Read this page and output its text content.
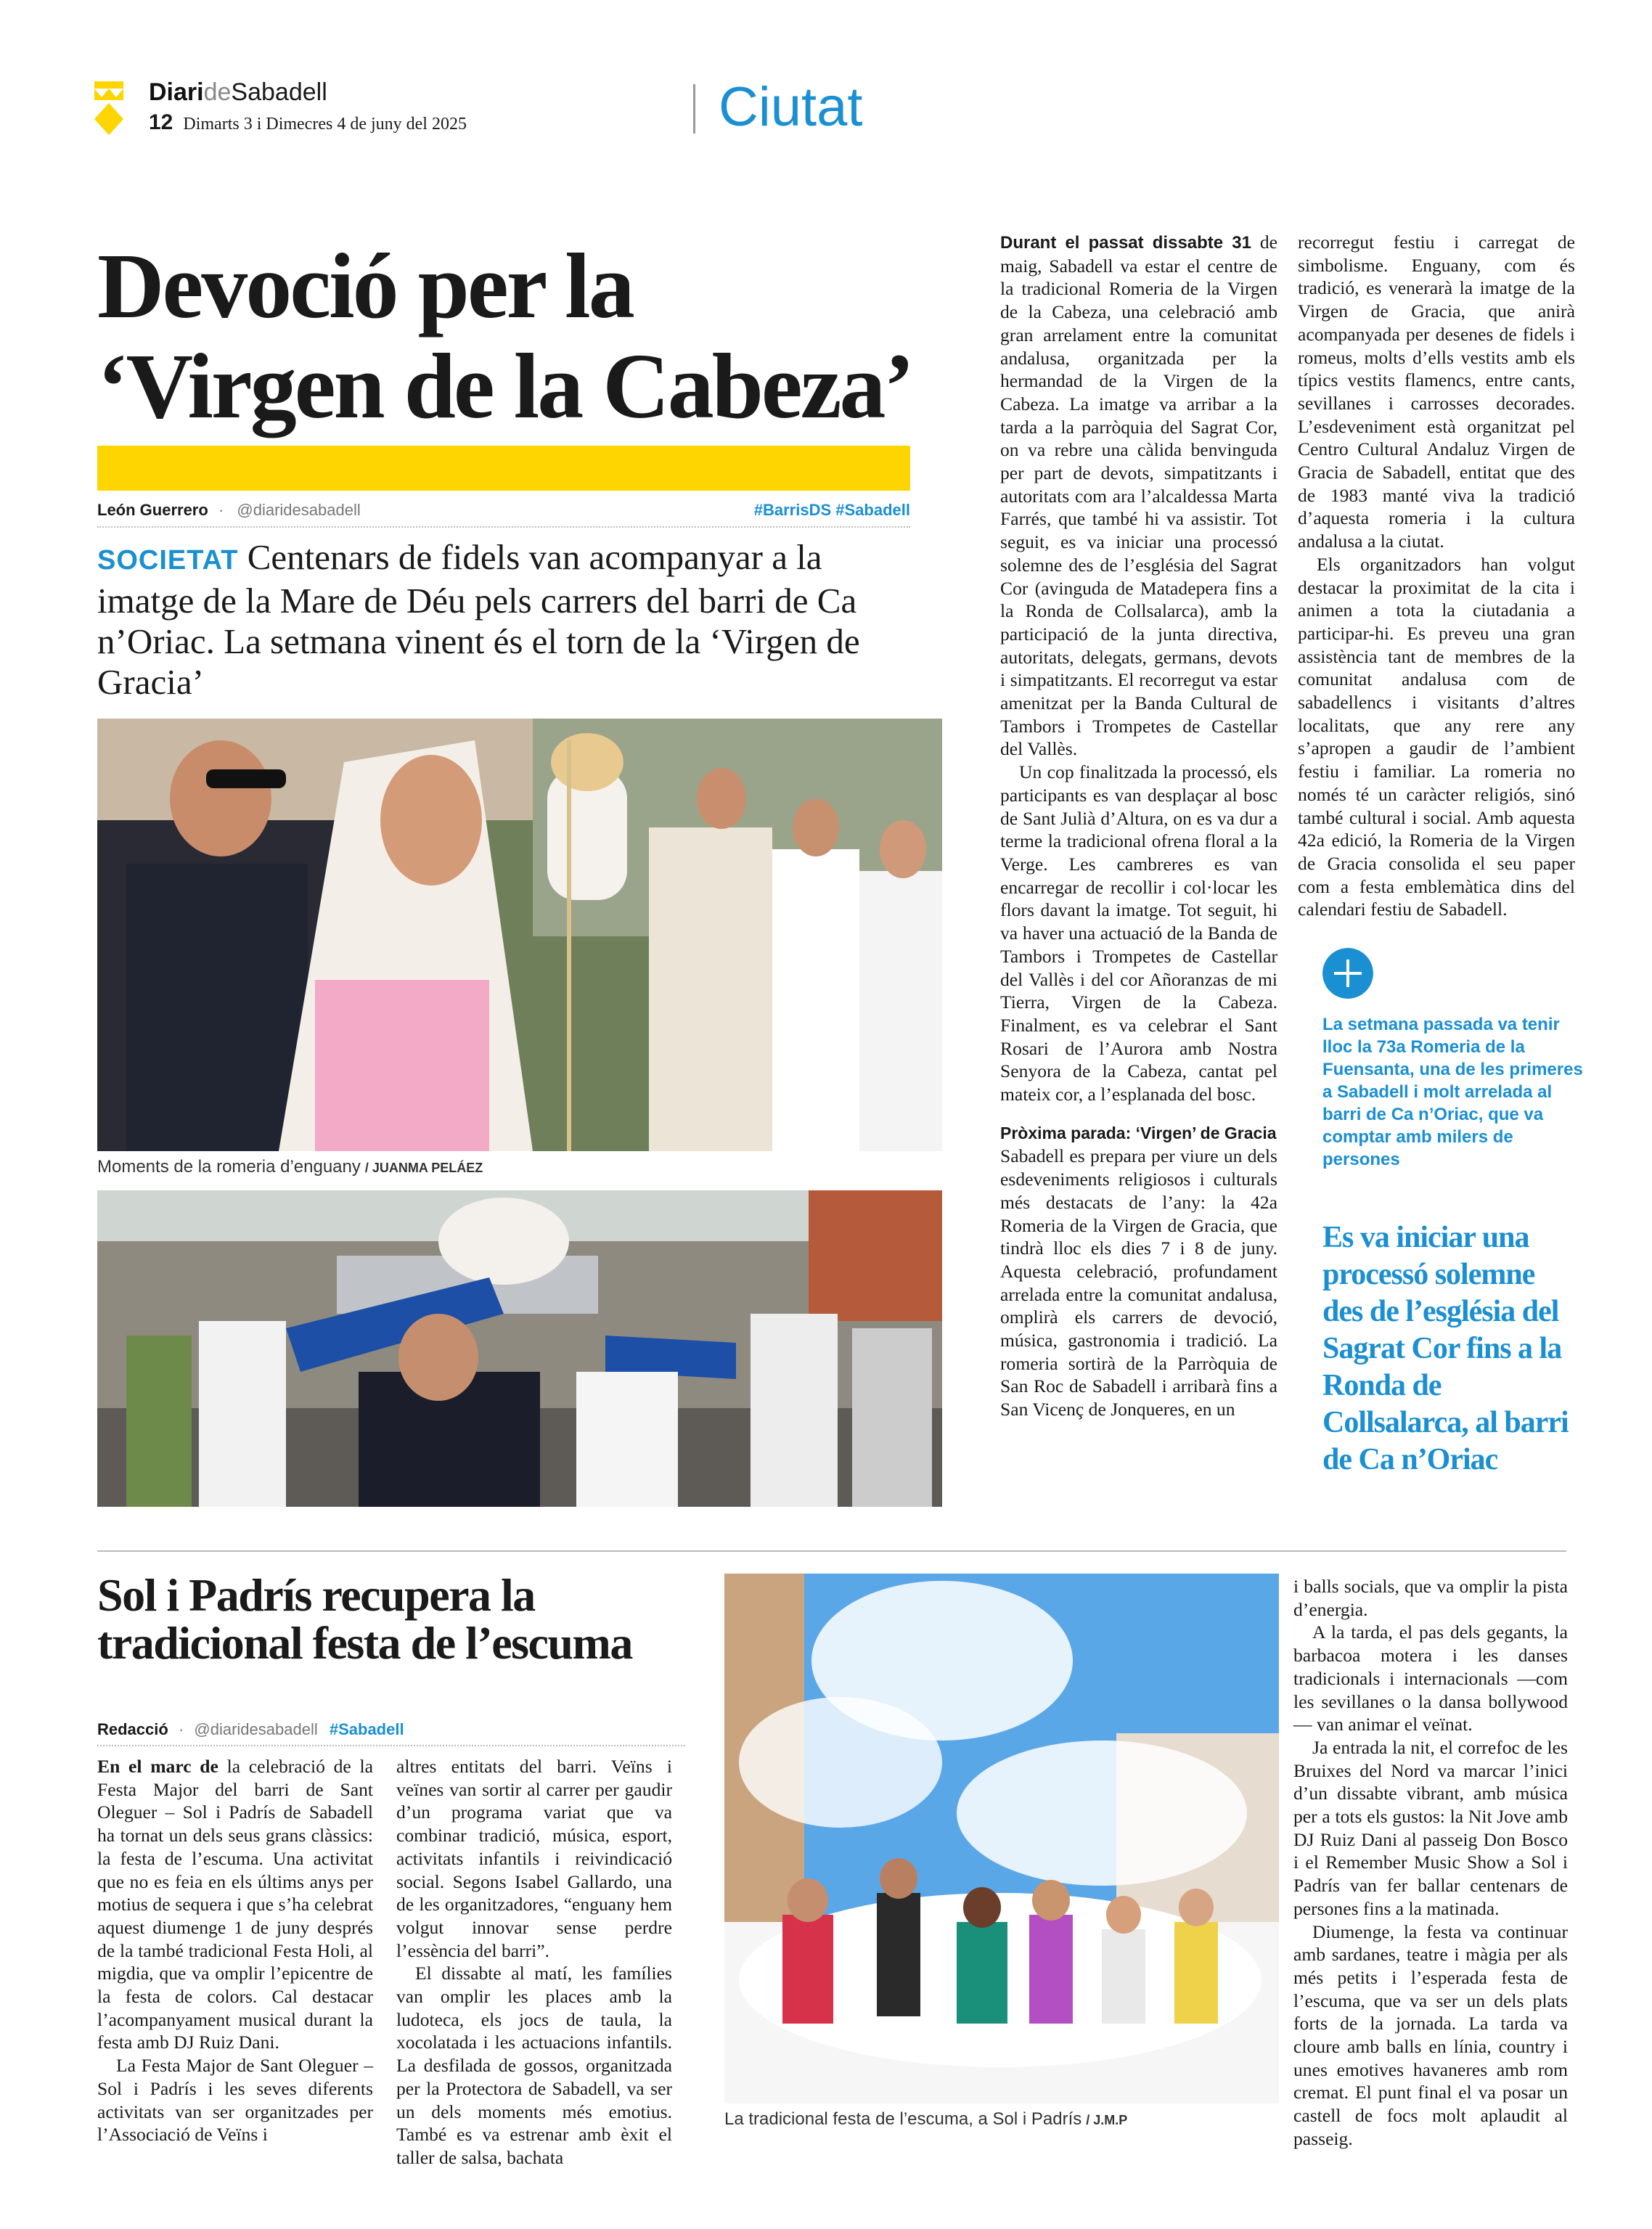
DiarideSabadell
12 Dimarts 3 i Dimecres 4 de juny del 2025	Ciutat
Devoció per la
‘Virgen de la Cabeza’
León Guerrero · @diaridesabadell	#BarrisDS #Sabadell
SOCIETAT Centenars de fidels van acompanyar a la imatge de la Mare de Déu pels carrers del barri de Ca n’Oriac. La setmana vinent és el torn de la ‘Virgen de Gracia’
Moments de la romeria d’enguany / JUANMA PELÁEZ

Durant el passat dissabte 31 de maig, Sabadell va estar el centre de la tradicional Romeria de la Virgen de la Cabeza, una celebració amb gran arrelament entre la comunitat andalusa, organitzada per la hermandad de la Virgen de la Cabeza. La imatge va arribar a la tarda a la parròquia del Sagrat Cor, on va rebre una càlida benvinguda per part de devots, simpatitzants i autoritats com ara l’alcaldessa Marta Farrés, que també hi va assistir. Tot seguit, es va iniciar una processó solemne des de l’església del Sagrat Cor (avinguda de Matadepera fins a la Ronda de Collsalarca), amb la participació de la junta directiva, autoritats, delegats, germans, devots i simpatitzants. El recorregut va estar amenitzat per la Banda Cultural de Tambors i Trompetes de Castellar del Vallès.

Un cop finalitzada la processó, els participants es van desplaçar al bosc de Sant Julià d’Altura, on es va dur a terme la tradicional ofrena floral a la Verge. Les cambreres es van encarregar de recollir i col·locar les flors davant la imatge. Tot seguit, hi va haver una actuació de la Banda de Tambors i Trompetes de Castellar del Vallès i del cor Añoranzas de mi Tierra, Virgen de la Cabeza. Finalment, es va celebrar el Sant Rosari de l’Aurora amb Nostra Senyora de la Cabeza, cantat pel mateix cor, a l’esplanada del bosc.

Pròxima parada: ‘Virgen’ de Gracia

Sabadell es prepara per viure un dels esdeveniments religiosos i culturals més destacats de l’any: la 42a Romeria de la Virgen de Gracia, que tindrà lloc els dies 7 i 8 de juny. Aquesta celebració, profundament arrelada entre la comunitat andalusa, omplirà els carrers de devoció, música, gastronomia i tradició. La romeria sortirà de la Parròquia de San Roc de Sabadell i arribarà fins a San Vicenç de Jonqueres, en un

recorregut festiu i carregat de simbolisme. Enguany, com és tradició, es venerarà la imatge de la Virgen de Gracia, que anirà acompanyada per desenes de fidels i romeus, molts d’ells vestits amb els típics vestits flamencs, entre cants, sevillanes i carrosses decorades. L’esdeveniment està organitzat pel Centro Cultural Andaluz Virgen de Gracia de Sabadell, entitat que des de 1983 manté viva la tradició d’aquesta romeria i la cultura andalusa a la ciutat.

Els organitzadors han volgut destacar la proximitat de la cita i animen a tota la ciutadania a participar-hi. Es preveu una gran assistència tant de membres de la comunitat andalusa com de sabadellencs i visitants d’altres localitats, que any rere any s’apropen a gaudir de l’ambient festiu i familiar. La romeria no només té un caràcter religiós, sinó també cultural i social. Amb aquesta 42a edició, la Romeria de la Virgen de Gracia consolida el seu paper com a festa emblemàtica dins del calendari festiu de Sabadell.

La setmana passada va tenir lloc la 73a Romeria de la Fuensanta, una de les primeres a Sabadell i molt arrelada al barri de Ca n’Oriac, que va comptar amb milers de persones
Es va iniciar una processó solemne des de l’església del Sagrat Cor fins a la Ronda de Collsalarca, al barri de Ca n’Oriac
Sol i Padrís recupera la
tradicional festa de l’escuma
Redacció · @diaridesabadell #Sabadell

En el marc de la celebració de la Festa Major del barri de Sant Oleguer – Sol i Padrís de Sabadell ha tornat un dels seus grans clàssics: la festa de l’escuma. Una activitat que no es feia en els últims anys per motius de sequera i que s’ha celebrat aquest diumenge 1 de juny després de la també tradicional Festa Holi, al migdia, que va omplir l’epicentre de la festa de colors. Cal destacar l’acompanyament musical durant la festa amb DJ Ruiz Dani.

La Festa Major de Sant Oleguer – Sol i Padrís i les seves diferents activitats van ser organitzades per l’Associació de Veïns i

altres entitats del barri. Veïns i veïnes van sortir al carrer per gaudir d’un programa variat que va combinar tradició, música, esport, activitats infantils i reivindicació social. Segons Isabel Gallardo, una de les organitzadores, “enguany hem volgut innovar sense perdre l’essència del barri”.

El dissabte al matí, les famílies van omplir les places amb la ludoteca, els jocs de taula, la xocolatada i les actuacions infantils. La desfilada de gossos, organitzada per la Protectora de Sabadell, va ser un dels moments més emotius. També es va estrenar amb èxit el taller de salsa, bachata

La tradicional festa de l’escuma, a Sol i Padrís / J.M.P

i balls socials, que va omplir la pista d’energia.

A la tarda, el pas dels gegants, la barbacoa motera i les danses tradicionals i internacionals —com les sevillanes o la dansa bollywood— van animar el veïnat.

Ja entrada la nit, el correfoc de les Bruixes del Nord va marcar l’inici d’un dissabte vibrant, amb música per a tots els gustos: la Nit Jove amb DJ Ruiz Dani al passeig Don Bosco i el Remember Music Show a Sol i Padrís van fer ballar centenars de persones fins a la matinada.

Diumenge, la festa va continuar amb sardanes, teatre i màgia per als més petits i l’esperada festa de l’escuma, que va ser un dels plats forts de la jornada. La tarda va cloure amb balls en línia, country i unes emotives havaneres amb rom cremat. El punt final el va posar un castell de focs molt aplaudit al passeig.
